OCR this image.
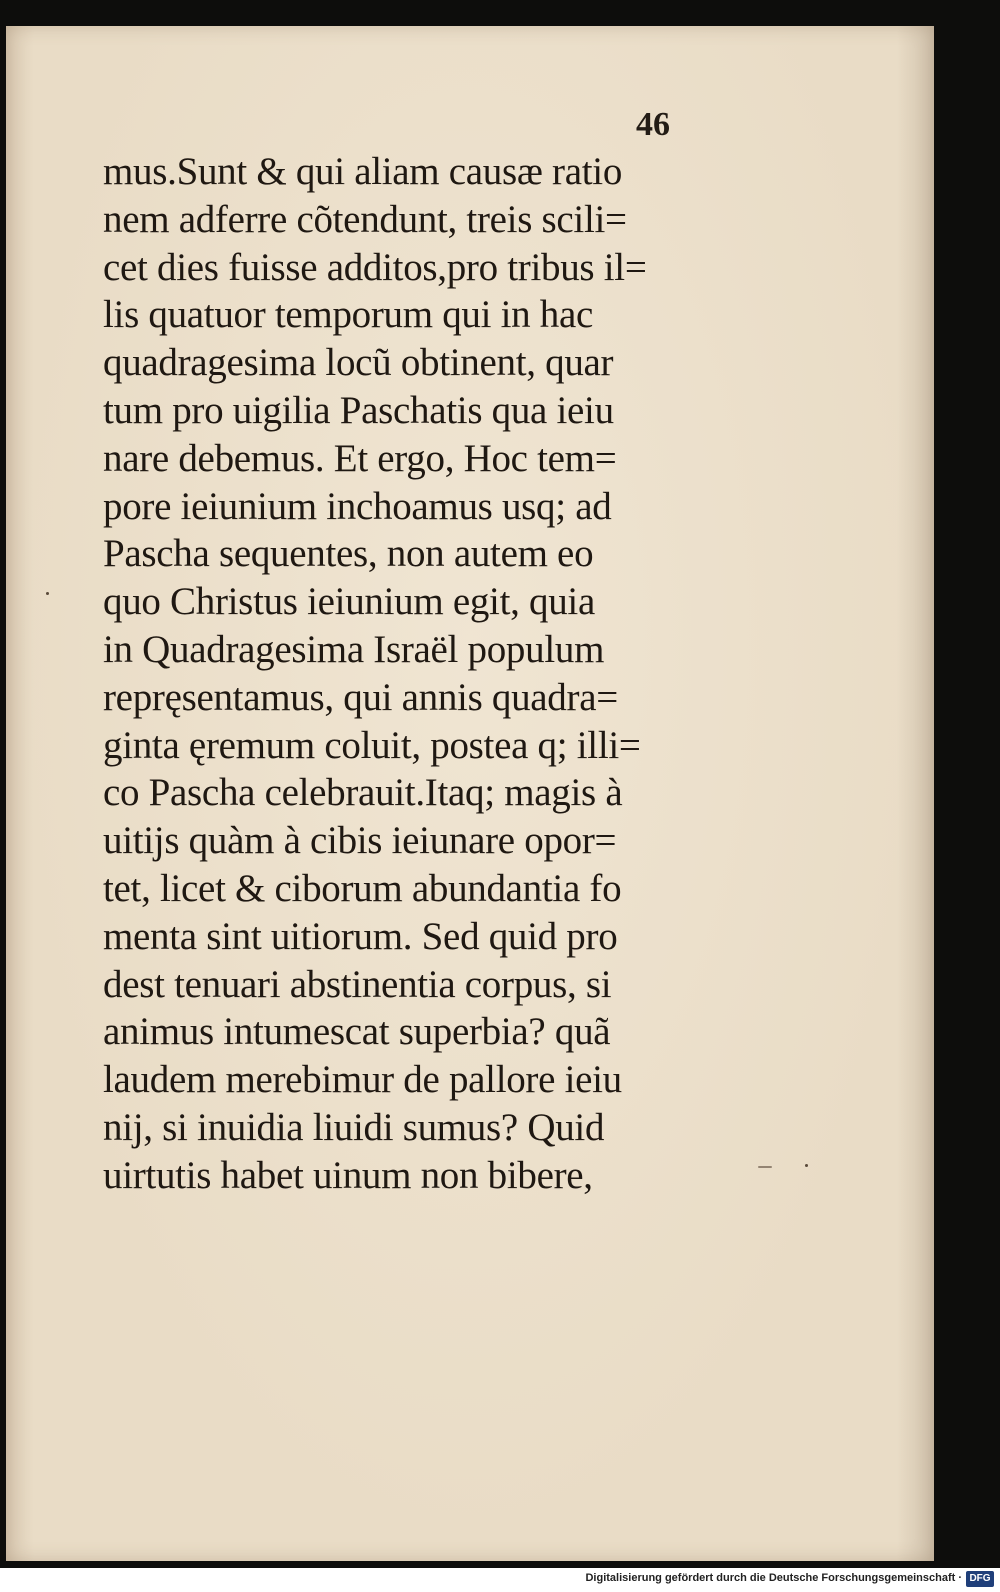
46

mus.Sunt & qui aliam causæ ratio
nem adferre cõtendunt, treis scili=
cet dies fuisse additos,pro tribus il=
lis quatuor temporum qui in hac
quadragesima locũ obtinent, quar
tum pro uigilia Paschatis qua ieiu
nare debemus. Et ergo, Hoc tem=
pore ieiunium inchoamus usq; ad
Pascha sequentes, non autem eo
quo Christus ieiunium egit, quia
in Quadragesima Israël populum
repręsentamus, qui annis quadra=
ginta ęremum coluit, postea q; illi=
co Pascha celebrauit.Itaq; magis à
uitijs quàm à cibis ieiunare opor=
tet, licet & ciborum abundantia fo
menta sint uitiorum. Sed quid pro
dest tenuari abstinentia corpus, si
animus intumescat superbia? quã
laudem merebimur de pallore ieiu
nij, si inuidia liuidi sumus? Quid
uirtutis habet uinum non bibere,
Digitalisierung gefördert durch die Deutsche Forschungsgemeinschaft · DFG
